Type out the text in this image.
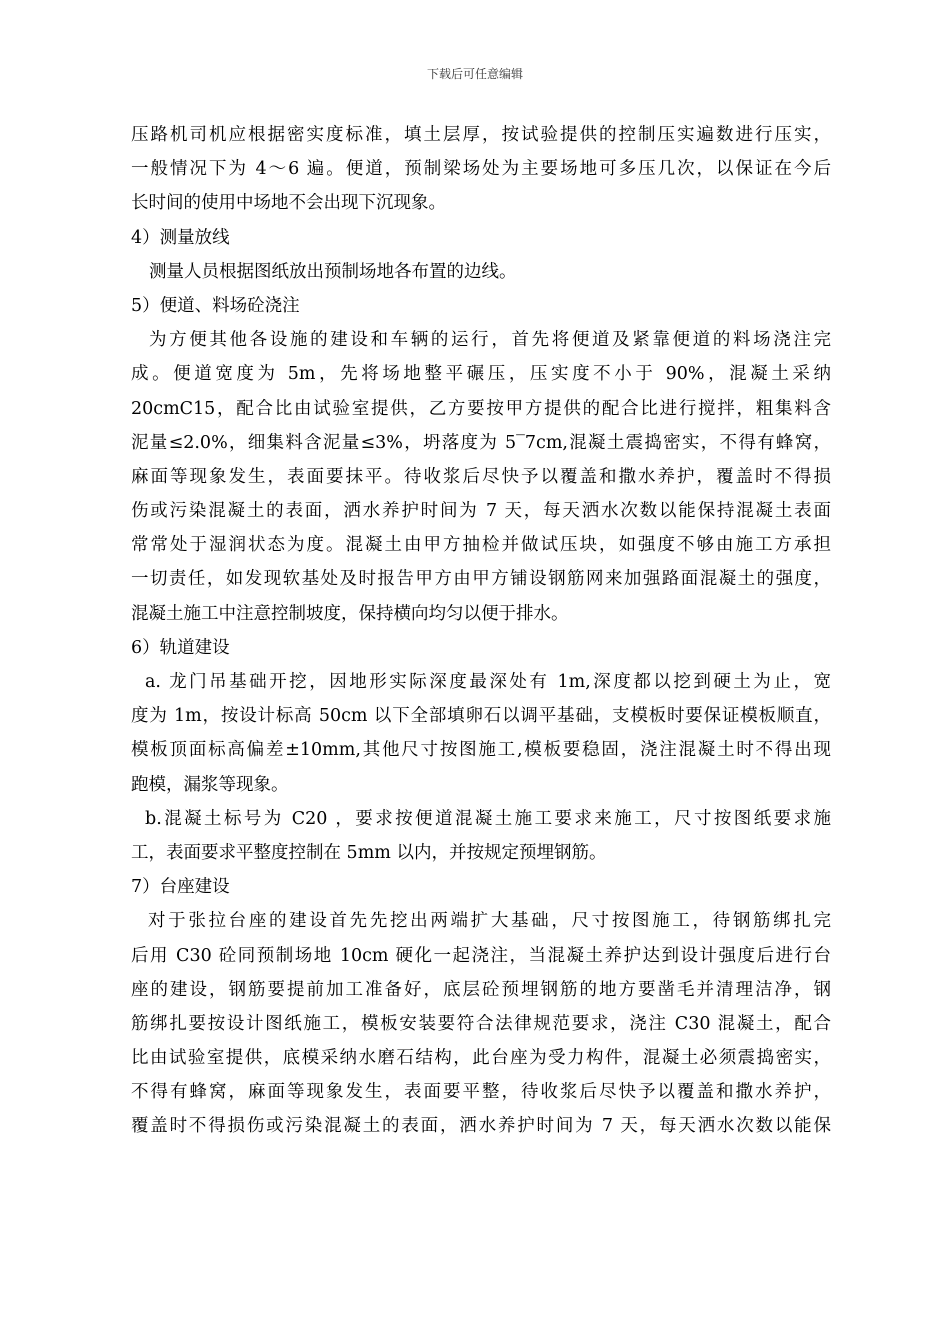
下载后可任意编辑
压路机司机应根据密实度标准，填土层厚，按试验提供的控制压实遍数进行压实，
一般情况下为 4～6 遍。便道，预制梁场处为主要场地可多压几次，以保证在今后
长时间的使用中场地不会出现下沉现象。
4）测量放线
测量人员根据图纸放出预制场地各布置的边线。
5）便道、料场砼浇注
为方便其他各设施的建设和车辆的运行，首先将便道及紧靠便道的料场浇注完
成。便道宽度为 5m，先将场地整平碾压，压实度不小于 90%，混凝土采纳
20cmC15，配合比由试验室提供，乙方要按甲方提供的配合比进行搅拌，粗集料含
泥量≤2.0%，细集料含泥量≤3%，坍落度为 5‾7cm,混凝土震捣密实，不得有蜂窝，
麻面等现象发生，表面要抹平。待收浆后尽快予以覆盖和撒水养护，覆盖时不得损
伤或污染混凝土的表面，洒水养护时间为 7 天，每天洒水次数以能保持混凝土表面
常常处于湿润状态为度。混凝土由甲方抽检并做试压块，如强度不够由施工方承担
一切责任，如发现软基处及时报告甲方由甲方铺设钢筋网来加强路面混凝土的强度，
混凝土施工中注意控制坡度，保持横向均匀以便于排水。
6）轨道建设
a. 龙门吊基础开挖，因地形实际深度最深处有 1m,深度都以挖到硬土为止，宽
度为 1m，按设计标高 50cm 以下全部填卵石以调平基础，支模板时要保证模板顺直，
模板顶面标高偏差±10mm,其他尺寸按图施工,模板要稳固，浇注混凝土时不得出现
跑模，漏浆等现象。
b.混凝土标号为 C20 ，要求按便道混凝土施工要求来施工，尺寸按图纸要求施
工，表面要求平整度控制在 5mm 以内，并按规定预埋钢筋。
7）台座建设
对于张拉台座的建设首先先挖出两端扩大基础，尺寸按图施工，待钢筋绑扎完
后用 C30 砼同预制场地 10cm 硬化一起浇注，当混凝土养护达到设计强度后进行台
座的建设，钢筋要提前加工准备好，底层砼预埋钢筋的地方要凿毛并清理洁净，钢
筋绑扎要按设计图纸施工，模板安装要符合法律规范要求，浇注 C30 混凝土，配合
比由试验室提供，底模采纳水磨石结构，此台座为受力构件，混凝土必须震捣密实，
不得有蜂窝，麻面等现象发生，表面要平整，待收浆后尽快予以覆盖和撒水养护，
覆盖时不得损伤或污染混凝土的表面，洒水养护时间为 7 天，每天洒水次数以能保
